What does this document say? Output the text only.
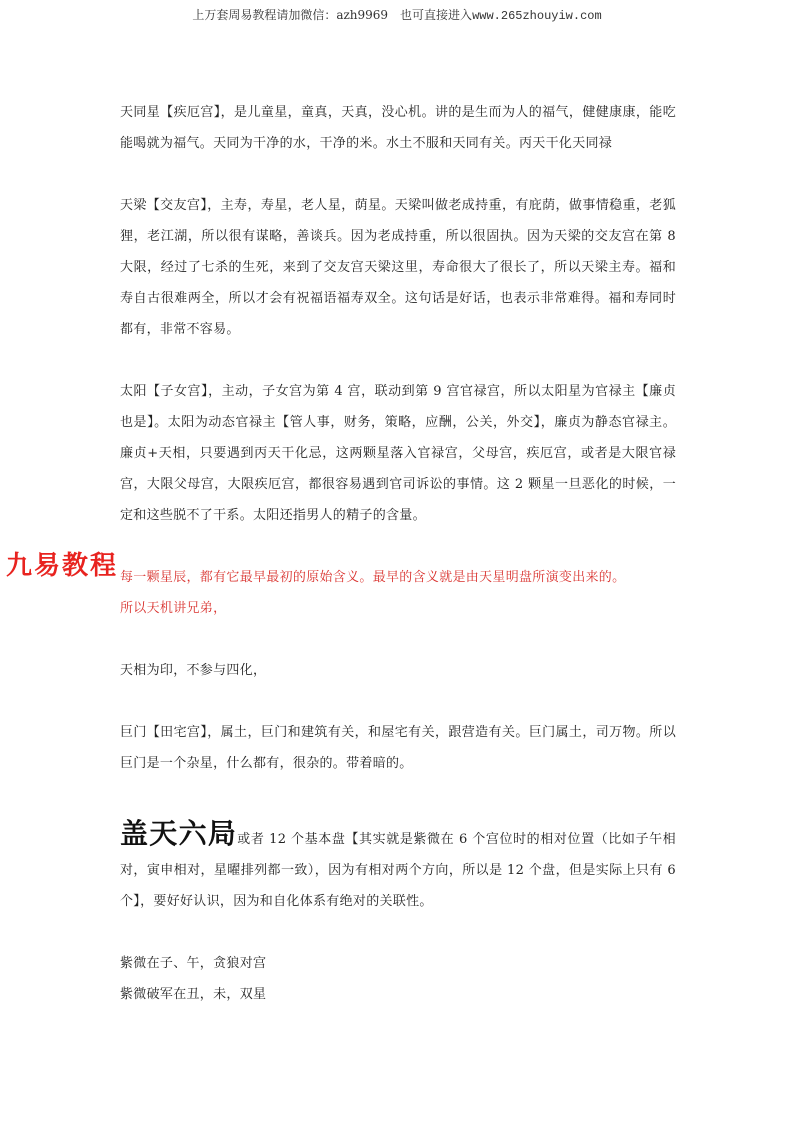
上万套周易教程请加微信：azh9969　也可直接进入www.265zhouyiw.com
九易教程

天同星【疾厄宫】，是儿童星，童真，天真，没心机。讲的是生而为人的福气，健健康康，能吃能喝就为福气。天同为干净的水，干净的米。水土不服和天同有关。丙天干化天同禄

天梁【交友宫】，主寿，寿星，老人星，荫星。天梁叫做老成持重，有庇荫，做事情稳重，老狐狸，老江湖，所以很有谋略，善谈兵。因为老成持重，所以很固执。因为天梁的交友宫在第 8 大限，经过了七杀的生死，来到了交友宫天梁这里，寿命很大了很长了，所以天梁主寿。福和寿自古很难两全，所以才会有祝福语福寿双全。这句话是好话，也表示非常难得。福和寿同时都有，非常不容易。

太阳【子女宫】，主动，子女宫为第 4 宫，联动到第 9 宫官禄宫，所以太阳星为官禄主【廉贞也是】。太阳为动态官禄主【管人事，财务，策略，应酬，公关，外交】，廉贞为静态官禄主。廉贞+天相，只要遇到丙天干化忌，这两颗星落入官禄宫，父母宫，疾厄宫，或者是大限官禄宫，大限父母宫，大限疾厄宫，都很容易遇到官司诉讼的事情。这 2 颗星一旦恶化的时候，一定和这些脱不了干系。太阳还指男人的精子的含量。

每一颗星辰，都有它最早最初的原始含义。最早的含义就是由天星明盘所演变出来的。

所以天机讲兄弟，

天相为印，不参与四化，

巨门【田宅宫】，属土，巨门和建筑有关，和屋宅有关，跟营造有关。巨门属土，司万物。所以巨门是一个杂星，什么都有，很杂的。带着暗的。

盖天六局或者 12 个基本盘【其实就是紫微在 6 个宫位时的相对位置（比如子午相对，寅申相对，星曜排列都一致），因为有相对两个方向，所以是 12 个盘，但是实际上只有 6 个】，要好好认识，因为和自化体系有绝对的关联性。

紫微在子、午，贪狼对宫

紫微破军在丑，未，双星
